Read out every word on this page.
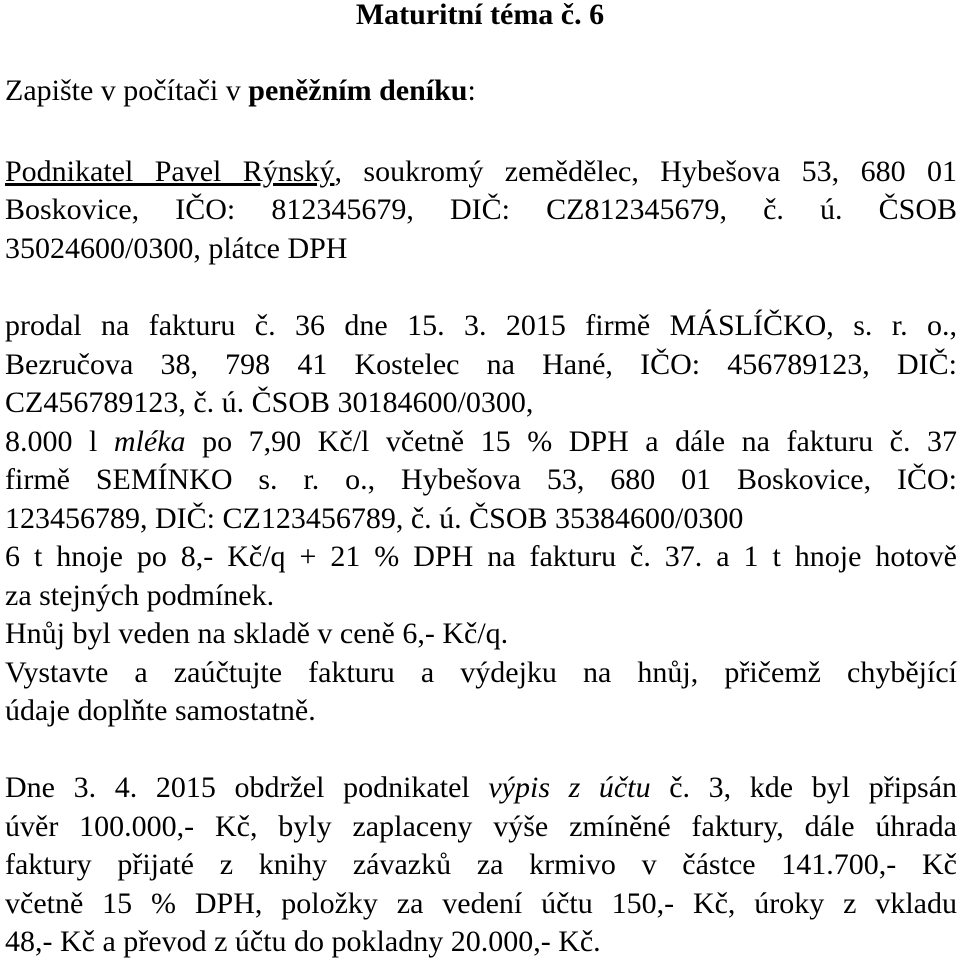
Maturitní téma č. 6
Zapište v počítači v peněžním deníku:
Podnikatel Pavel Rýnský, soukromý zemědělec, Hybešova 53, 680 01
Boskovice, IČO: 812345679, DIČ: CZ812345679, č. ú. ČSOB
35024600/0300, plátce DPH
prodal na fakturu č. 36 dne 15. 3. 2015 firmě MÁSLÍČKO, s. r. o.,
Bezručova 38, 798 41 Kostelec na Hané, IČO: 456789123, DIČ:
CZ456789123, č. ú. ČSOB 30184600/0300,
8.000 l mléka po 7,90 Kč/l včetně 15 % DPH a dále na fakturu č. 37
firmě SEMÍNKO s. r. o., Hybešova 53, 680 01 Boskovice, IČO:
123456789, DIČ: CZ123456789, č. ú. ČSOB 35384600/0300
6 t hnoje po 8,- Kč/q + 21 % DPH na fakturu č. 37. a 1 t hnoje hotově
za stejných podmínek.
Hnůj byl veden na skladě v ceně 6,- Kč/q.
Vystavte a zaúčtujte fakturu a výdejku na hnůj, přičemž chybějící
údaje doplňte samostatně.
Dne 3. 4. 2015 obdržel podnikatel výpis z účtu č. 3, kde byl připsán
úvěr 100.000,- Kč, byly zaplaceny výše zmíněné faktury, dále úhrada
faktury přijaté z knihy závazků za krmivo v částce 141.700,- Kč
včetně 15 % DPH, položky za vedení účtu 150,- Kč, úroky z vkladu
48,- Kč a převod z účtu do pokladny 20.000,- Kč.
